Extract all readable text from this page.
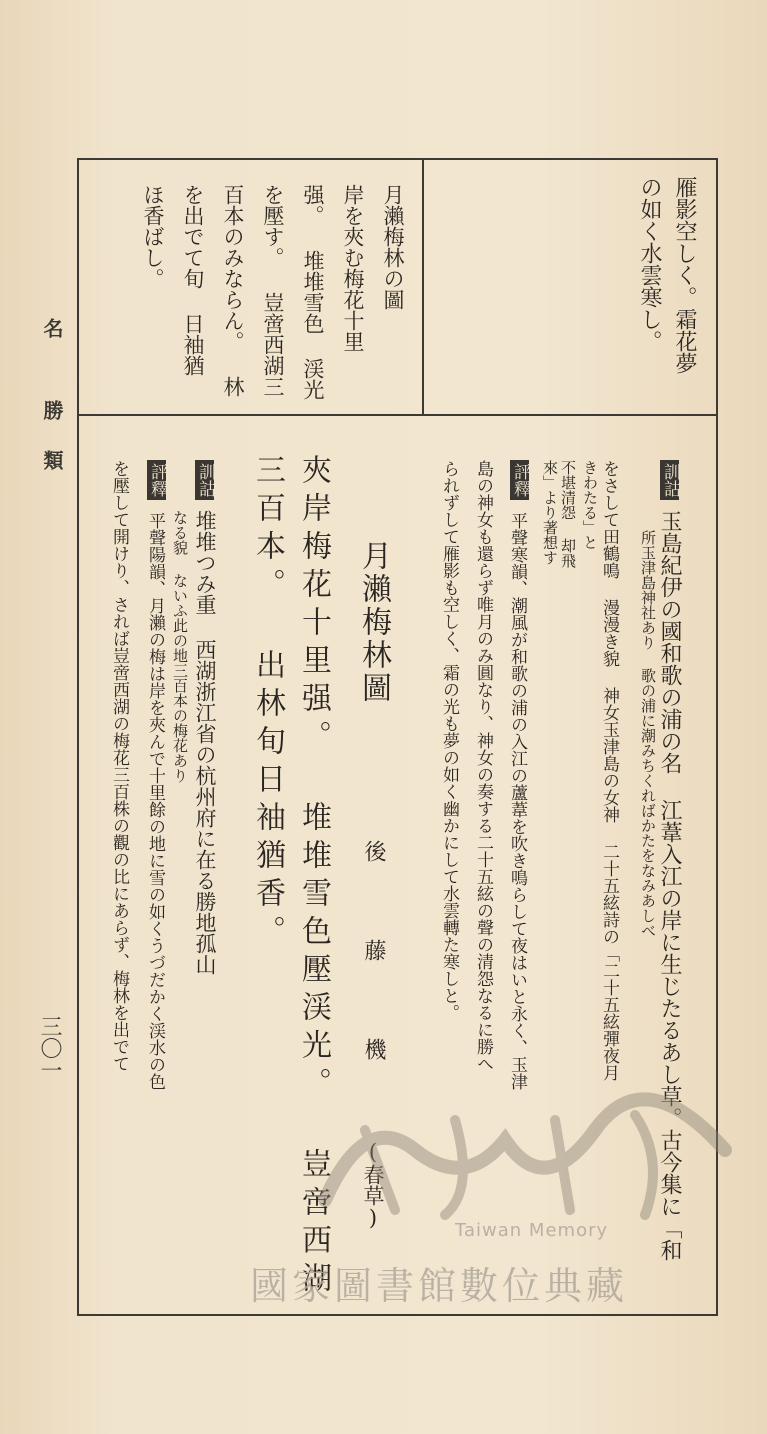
名
勝
類
三〇一
雁影空しく。霜花夢
の如く水雲寒し。
月瀨梅林の圖
岸を夾む梅花十里
强。 堆堆雪色 渓光
を壓す。 豈啻西湖三
百本のみならん。 林
を出でて旬 日袖猶
ほ香ばし。
訓詁
玉島紀伊の國和歌の浦の名 江葦入江の岸に生じたるあし草。古今集に「和
所玉津島神社あり 歌の浦に潮みちくればかたをなみあしべ
をさして田鶴鳴 漫漫き貌 神女玉津島の女神 二十五絃詩の「二十五絃彈夜月
きわたる」と
不堪清怨 却飛
來」より著想す
評釋
平聲寒韻、潮風が和歌の浦の入江の蘆葦を吹き鳴らして夜はいと永く、玉津
島の神女も還らず唯月のみ圓なり、神女の奏する二十五絃の聲の清怨なるに勝へ
られずして雁影も空しく、霜の光も夢の如く幽かにして水雲轉た寒しと。
月瀨梅林圖
後 藤 機
(春草)
夾岸梅花十里强。 堆堆雪色壓渓光。 豈啻西湖
三百本。 出林旬日袖猶香。
訓詁
堆堆つみ重 西湖浙江省の杭州府に在る勝地孤山
なる貌 ないふ此の地三百本の梅花あり
評釋
平聲陽韻、月瀨の梅は岸を夾んで十里餘の地に雪の如くうづだかく渓水の色
を壓して開けり、されば豈啻西湖の梅花三百株の觀の比にあらず、梅林を出でて
Taiwan Memory
國家圖書館數位典藏
